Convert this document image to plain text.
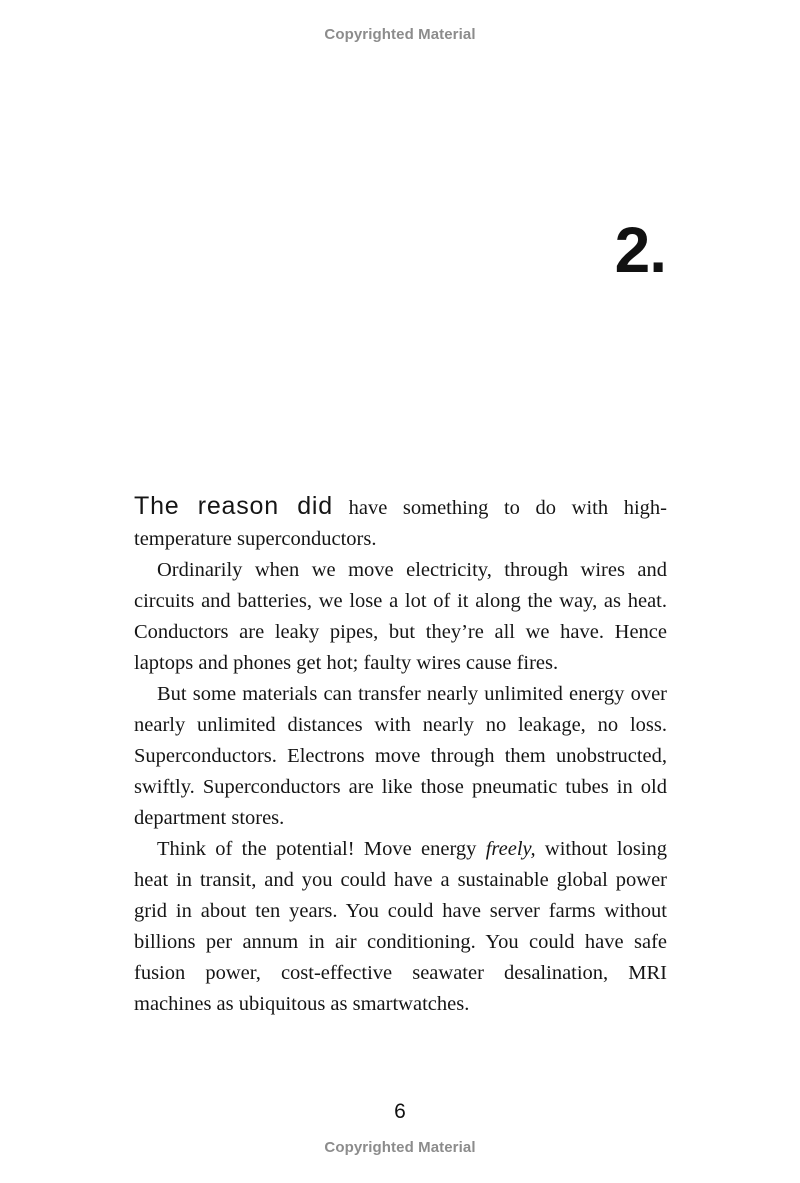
Copyrighted Material
2.

The reason did have something to do with high-temperature superconductors.

Ordinarily when we move electricity, through wires and circuits and batteries, we lose a lot of it along the way, as heat. Conductors are leaky pipes, but they’re all we have. Hence laptops and phones get hot; faulty wires cause fires.

But some materials can transfer nearly unlimited energy over nearly unlimited distances with nearly no leakage, no loss. Superconductors. Electrons move through them unobstructed, swiftly. Superconductors are like those pneumatic tubes in old department stores.

Think of the potential! Move energy freely, without losing heat in transit, and you could have a sustainable global power grid in about ten years. You could have server farms without billions per annum in air conditioning. You could have safe fusion power, cost-effective seawater desalination, MRI machines as ubiquitous as smartwatches.

6
Copyrighted Material
